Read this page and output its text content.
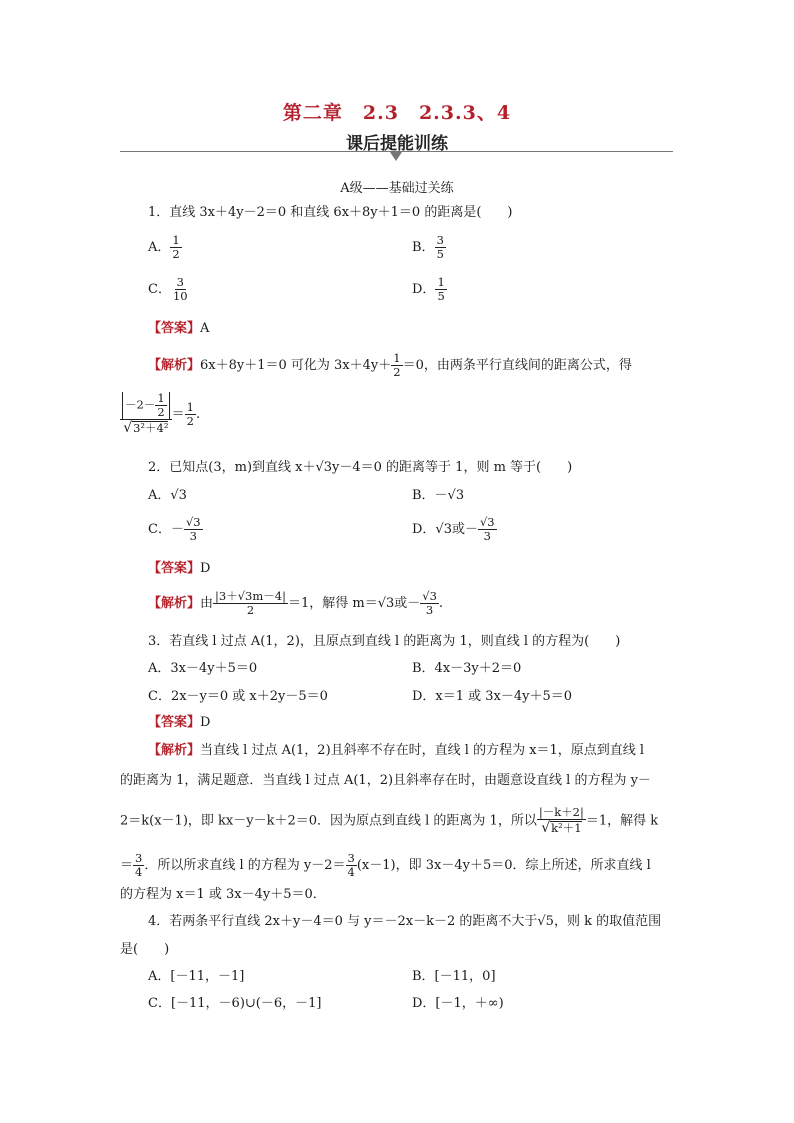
第二章　2.3　2.3.3、4
课后提能训练
A级——基础过关练
1．直线 3x＋4y－2＝0 和直线 6x＋8y＋1＝0 的距离是(　　)
A． $\frac{1}{2}$	B． $\frac{3}{5}$
C． $\frac{3}{10}$	D． $\frac{1}{5}$
【答案】A
【解析】6x＋8y＋1＝0 可化为 $3x+4y+ \frac{1}{2} =0$，由两条平行直线间的距离公式，得
$\frac{-2- \frac{1}{2}}{\text{√3²＋4²}} = \frac{1}{2}$ .
2．已知点(3，m)到直线 x＋√3y－4＝0 的距离等于 1，则 m 等于(　　)
A．√3	B．－√3
C．－ $\frac{√3}{3}$	D．√3或－ $\frac{√3}{3}$
【答案】D
【解析】由 $\frac{|3+√3m-4|}{2} =1$，解得 m＝√3或－ $\frac{√3}{3}$ .
3．若直线 l 过点 A(1，2)，且原点到直线 l 的距离为 1，则直线 l 的方程为(　　)
A．3x－4y＋5＝0	B．4x－3y＋2＝0
C．2x－y＝0 或 x＋2y－5＝0	D．x＝1 或 3x－4y＋5＝0
【答案】D
【解析】当直线 l 过点 A(1，2)且斜率不存在时，直线 l 的方程为 x＝1，原点到直线 l
的距离为 1，满足题意．当直线 l 过点 A(1，2)且斜率存在时，由题意设直线 l 的方程为 y－
2＝k(x－1)，即 kx－y－k＋2＝0．因为原点到直线 l 的距离为 1，所以 $\frac{|-k+2|}{\text{√k²＋1}} =1$，解得 k
＝ $\frac{3}{4}$ ．所以所求直线 l 的方程为 $y-2= \frac{3}{4} (x-1)$，即 3x－4y＋5＝0．综上所述，所求直线 l
的方程为 x＝1 或 3x－4y＋5＝0．
4．若两条平行直线 2x＋y－4＝0 与 y＝－2x－k－2 的距离不大于√5，则 k 的取值范围
是(　　)
A．[－11，－1]	B．[－11，0]
C．[－11，－6)∪(－6，－1]	D．[－1，＋∞)
